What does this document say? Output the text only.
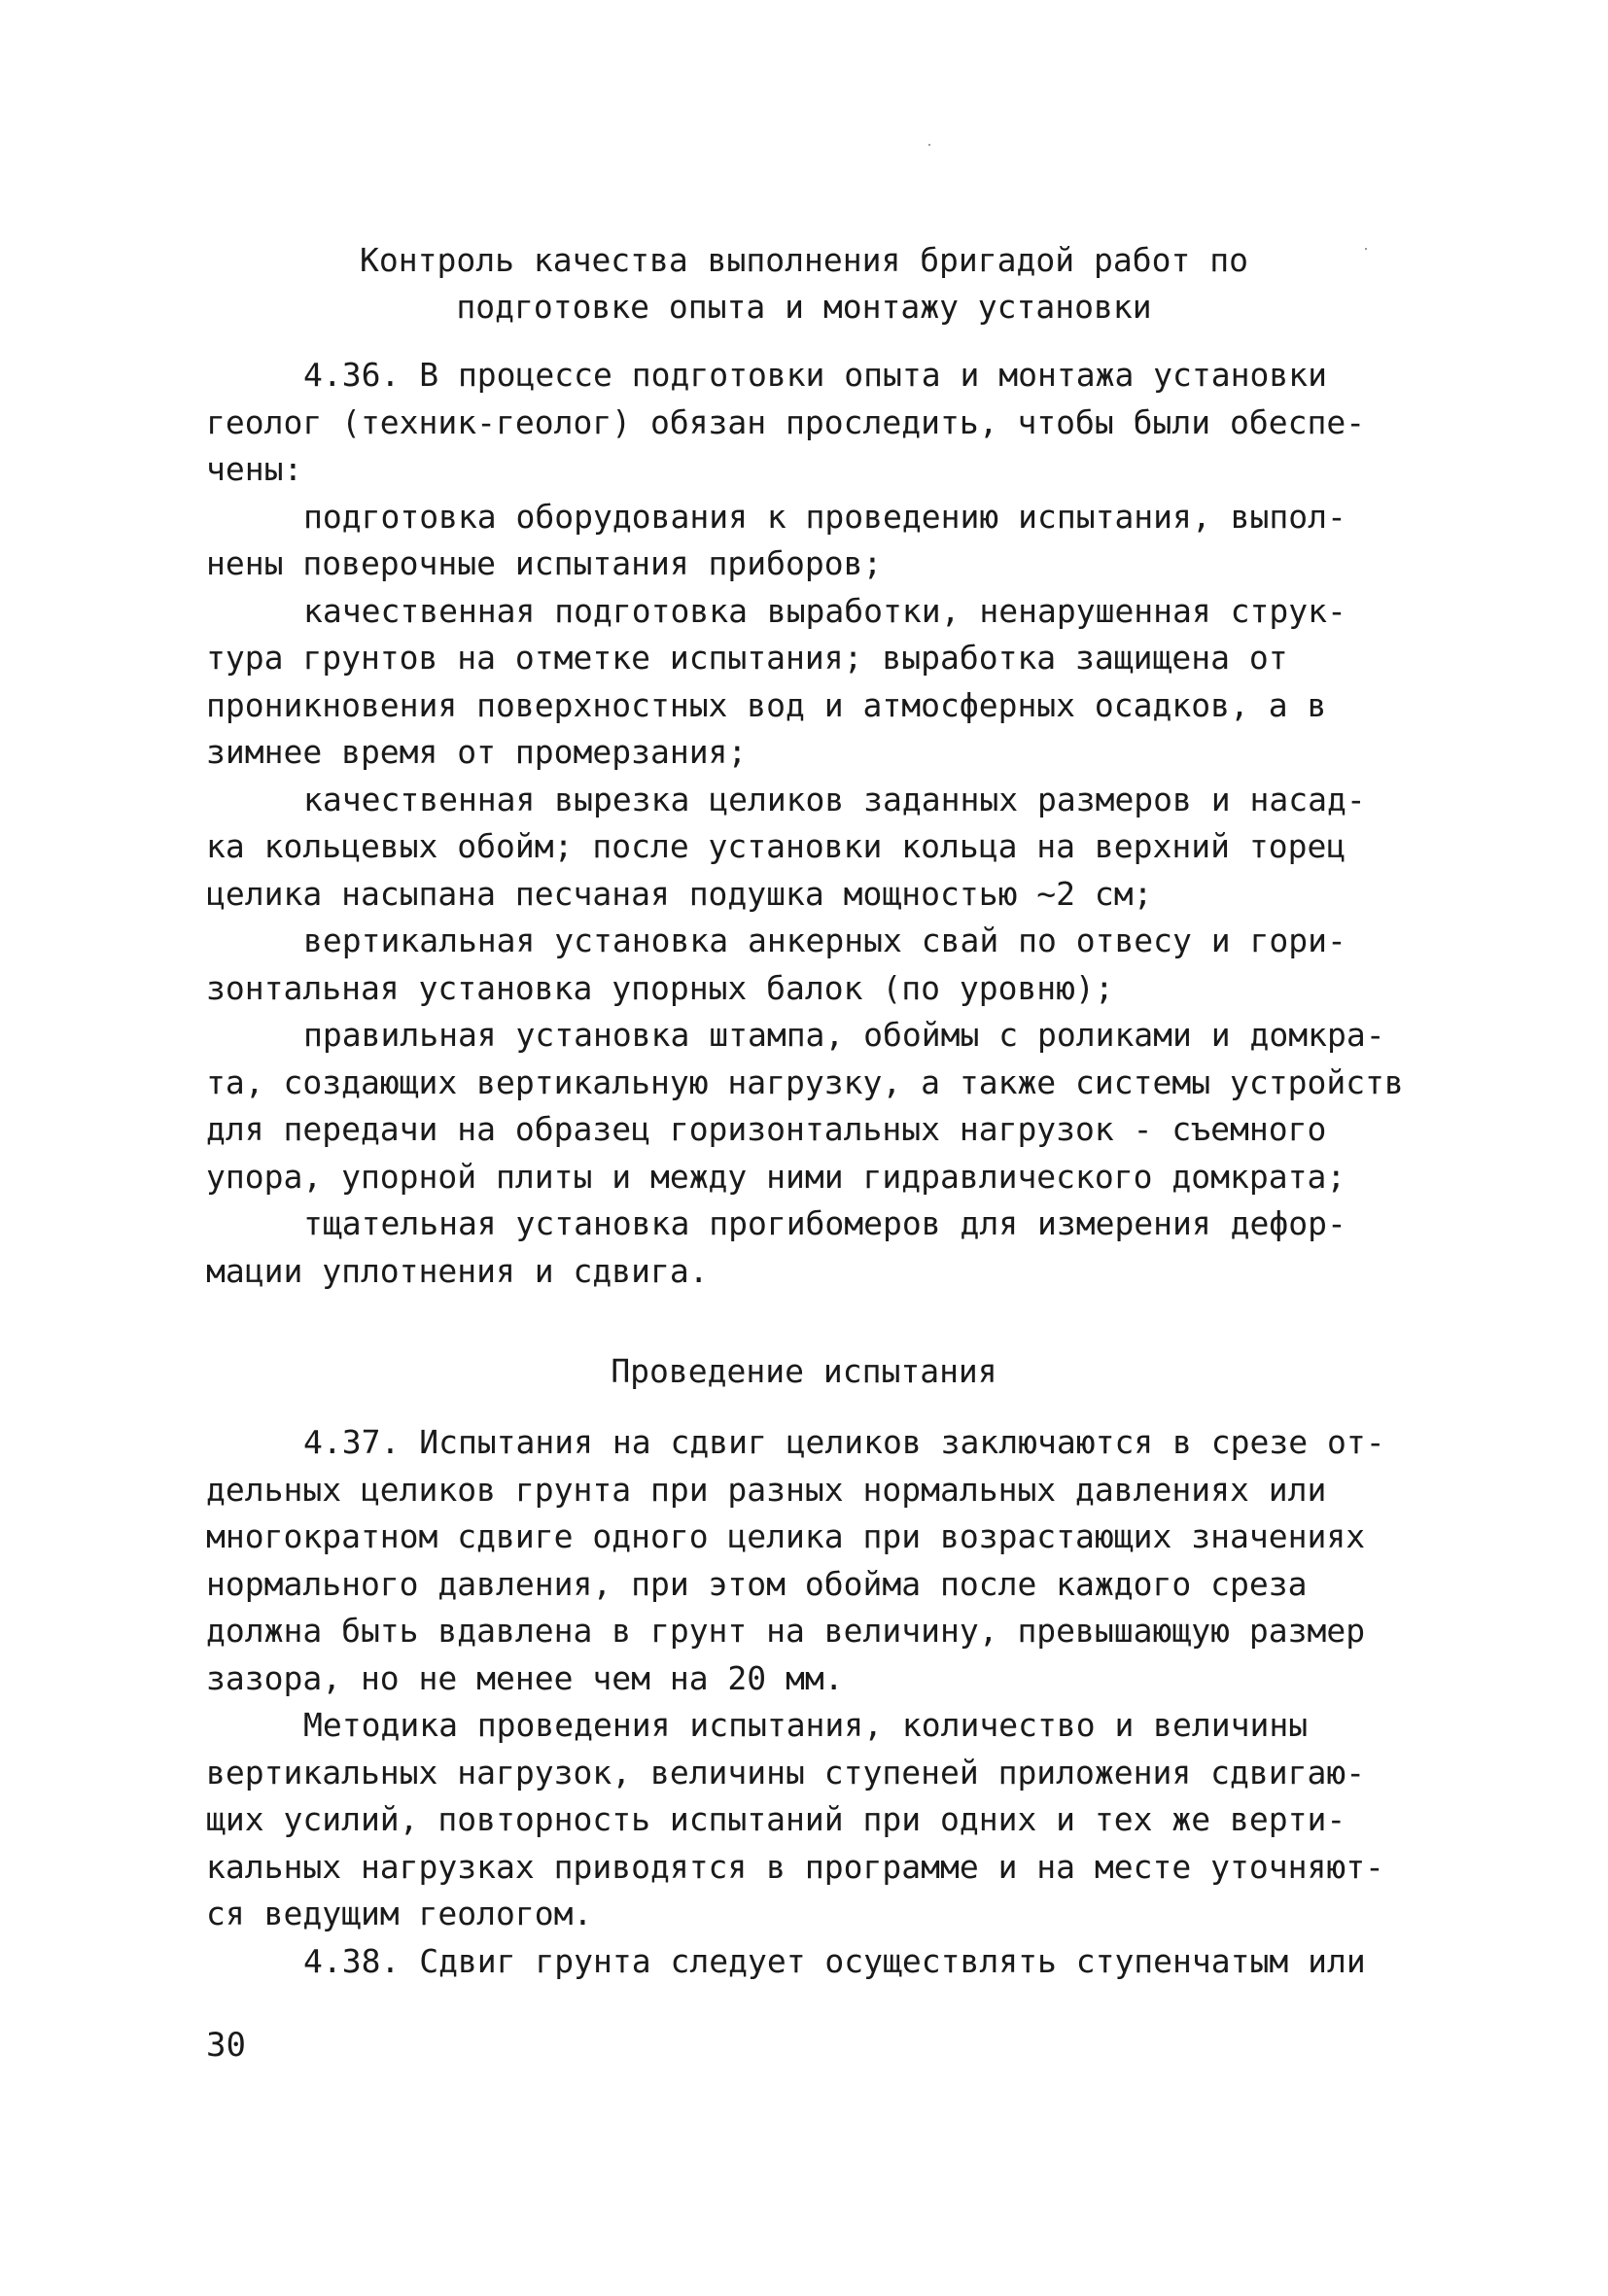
Контроль качества выполнения бригадой работ по
подготовке опыта и монтажу установки
4.36. В процессе подготовки опыта и монтажа установки
геолог (техник-геолог) обязан проследить, чтобы были обеспе-
чены:
подготовка оборудования к проведению испытания, выпол-
нены поверочные испытания приборов;
качественная подготовка выработки, ненарушенная струк-
тура грунтов на отметке испытания; выработка защищена от
проникновения поверхностных вод и атмосферных осадков, а в
зимнее время от промерзания;
качественная вырезка целиков заданных размеров и насад-
ка кольцевых обойм; после установки кольца на верхний торец
целика насыпана песчаная подушка мощностью ~2 см;
вертикальная установка анкерных свай по отвесу и гори-
зонтальная установка упорных балок (по уровню);
правильная установка штампа, обоймы с роликами и домкра-
та, создающих вертикальную нагрузку, а также системы устройств
для передачи на образец горизонтальных нагрузок - съемного
упора, упорной плиты и между ними гидравлического домкрата;
тщательная установка прогибомеров для измерения дефор-
мации уплотнения и сдвига.
Проведение испытания
4.37. Испытания на сдвиг целиков заключаются в срезе от-
дельных целиков грунта при разных нормальных давлениях или
многократном сдвиге одного целика при возрастающих значениях
нормального давления, при этом обойма после каждого среза
должна быть вдавлена в грунт на величину, превышающую размер
зазора, но не менее чем на 20 мм.
Методика проведения испытания, количество и величины
вертикальных нагрузок, величины ступеней приложения сдвигаю-
щих усилий, повторность испытаний при одних и тех же верти-
кальных нагрузках приводятся в программе и на месте уточняют-
ся ведущим геологом.
4.38. Сдвиг грунта следует осуществлять ступенчатым или
30
